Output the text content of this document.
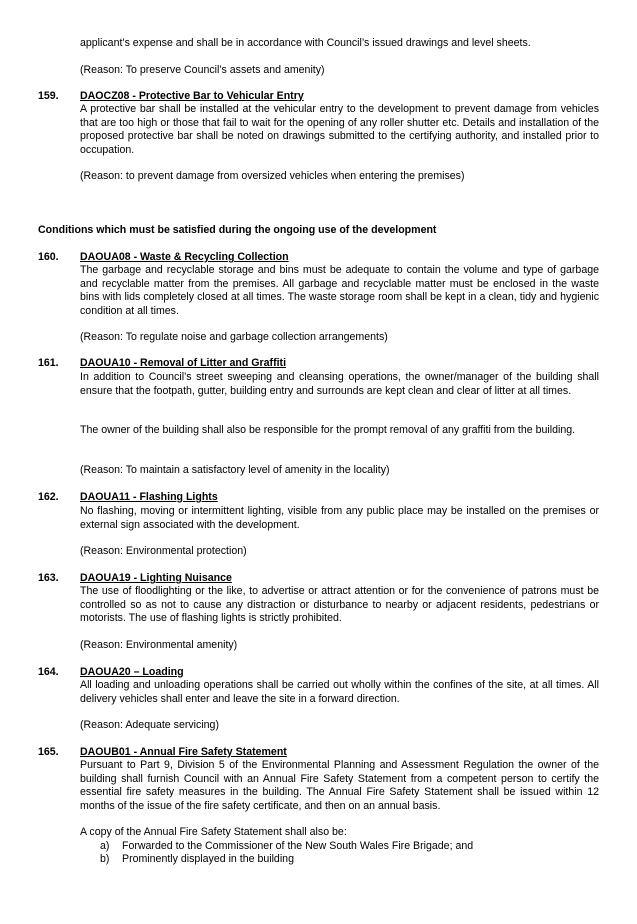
applicant’s expense and shall be in accordance with Council’s issued drawings and level sheets.
(Reason: To preserve Council’s assets and amenity)
159. DAOCZ08 - Protective Bar to Vehicular Entry
A protective bar shall be installed at the vehicular entry to the development to prevent damage from vehicles that are too high or those that fail to wait for the opening of any roller shutter etc. Details and installation of the proposed protective bar shall be noted on drawings submitted to the certifying authority, and installed prior to occupation.
(Reason: to prevent damage from oversized vehicles when entering the premises)
Conditions which must be satisfied during the ongoing use of the development
160. DAOUA08 - Waste & Recycling Collection
The garbage and recyclable storage and bins must be adequate to contain the volume and type of garbage and recyclable matter from the premises. All garbage and recyclable matter must be enclosed in the waste bins with lids completely closed at all times. The waste storage room shall be kept in a clean, tidy and hygienic condition at all times.
(Reason: To regulate noise and garbage collection arrangements)
161. DAOUA10 - Removal of Litter and Graffiti
In addition to Council’s street sweeping and cleansing operations, the owner/manager of the building shall ensure that the footpath, gutter, building entry and surrounds are kept clean and clear of litter at all times.
The owner of the building shall also be responsible for the prompt removal of any graffiti from the building.
(Reason: To maintain a satisfactory level of amenity in the locality)
162. DAOUA11 - Flashing Lights
No flashing, moving or intermittent lighting, visible from any public place may be installed on the premises or external sign associated with the development.
(Reason: Environmental protection)
163. DAOUA19 - Lighting Nuisance
The use of floodlighting or the like, to advertise or attract attention or for the convenience of patrons must be controlled so as not to cause any distraction or disturbance to nearby or adjacent residents, pedestrians or motorists. The use of flashing lights is strictly prohibited.
(Reason: Environmental amenity)
164. DAOUA20 – Loading
All loading and unloading operations shall be carried out wholly within the confines of the site, at all times. All delivery vehicles shall enter and leave the site in a forward direction.
(Reason: Adequate servicing)
165. DAOUB01 - Annual Fire Safety Statement
Pursuant to Part 9, Division 5 of the Environmental Planning and Assessment Regulation the owner of the building shall furnish Council with an Annual Fire Safety Statement from a competent person to certify the essential fire safety measures in the building. The Annual Fire Safety Statement shall be issued within 12 months of the issue of the fire safety certificate, and then on an annual basis.
A copy of the Annual Fire Safety Statement shall also be:
a) Forwarded to the Commissioner of the New South Wales Fire Brigade; and
b) Prominently displayed in the building
